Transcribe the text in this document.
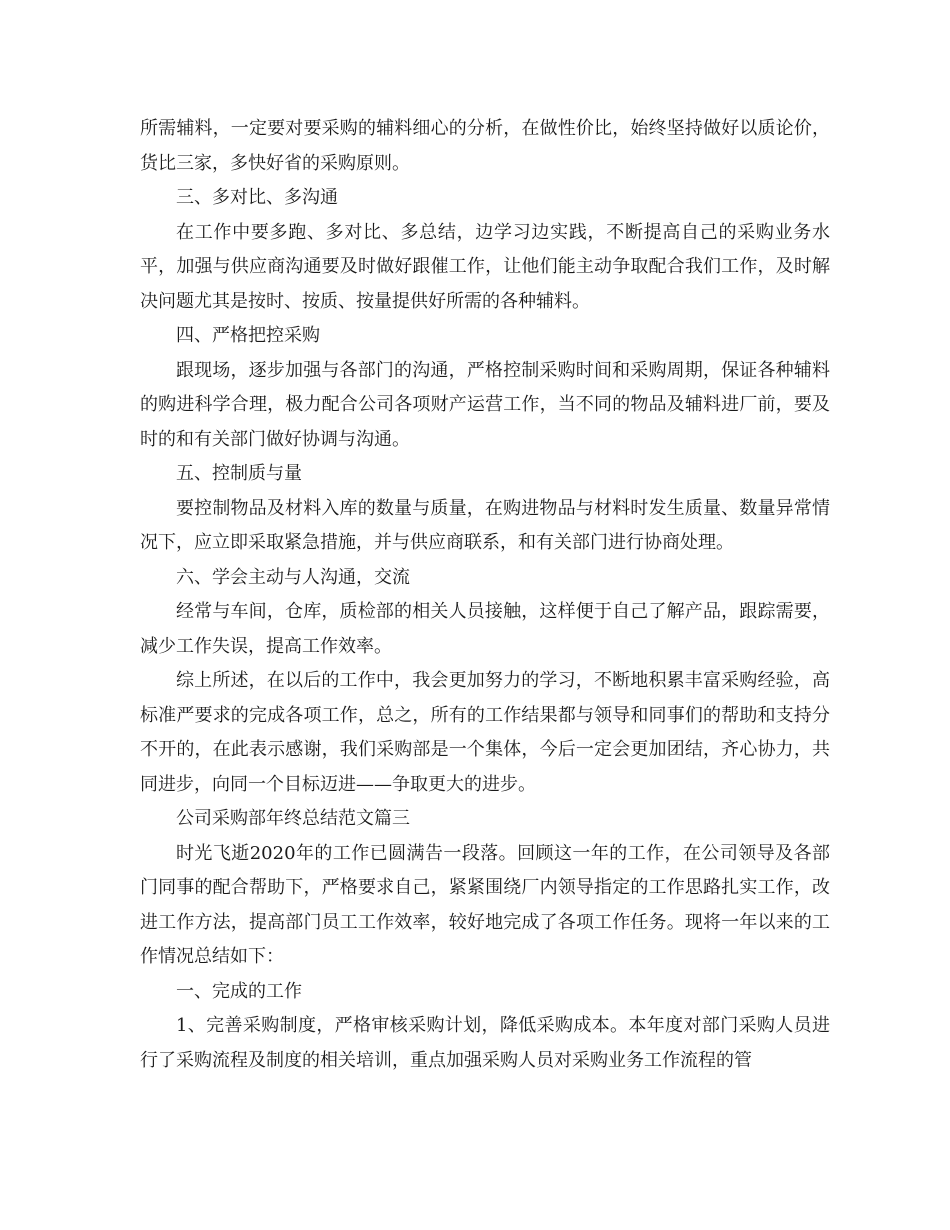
所需辅料，一定要对要采购的辅料细心的分析，在做性价比，始终坚持做好以质论价，货比三家，多快好省的采购原则。

三、多对比、多沟通

在工作中要多跑、多对比、多总结，边学习边实践，不断提高自己的采购业务水平，加强与供应商沟通要及时做好跟催工作，让他们能主动争取配合我们工作，及时解决问题尤其是按时、按质、按量提供好所需的各种辅料。

四、严格把控采购

跟现场，逐步加强与各部门的沟通，严格控制采购时间和采购周期，保证各种辅料的购进科学合理，极力配合公司各项财产运营工作，当不同的物品及辅料进厂前，要及时的和有关部门做好协调与沟通。

五、控制质与量

要控制物品及材料入库的数量与质量，在购进物品与材料时发生质量、数量异常情况下，应立即采取紧急措施，并与供应商联系，和有关部门进行协商处理。

六、学会主动与人沟通，交流

经常与车间，仓库，质检部的相关人员接触，这样便于自己了解产品，跟踪需要，减少工作失误，提高工作效率。

综上所述，在以后的工作中，我会更加努力的学习，不断地积累丰富采购经验，高标准严要求的完成各项工作，总之，所有的工作结果都与领导和同事们的帮助和支持分不开的，在此表示感谢，我们采购部是一个集体，今后一定会更加团结，齐心协力，共同进步，向同一个目标迈进——争取更大的进步。

公司采购部年终总结范文篇三

时光飞逝2020年的工作已圆满告一段落。回顾这一年的工作，在公司领导及各部门同事的配合帮助下，严格要求自己，紧紧围绕厂内领导指定的工作思路扎实工作，改进工作方法，提高部门员工工作效率，较好地完成了各项工作任务。现将一年以来的工作情况总结如下：

一、完成的工作

1、完善采购制度，严格审核采购计划，降低采购成本。本年度对部门采购人员进行了采购流程及制度的相关培训，重点加强采购人员对采购业务工作流程的管
